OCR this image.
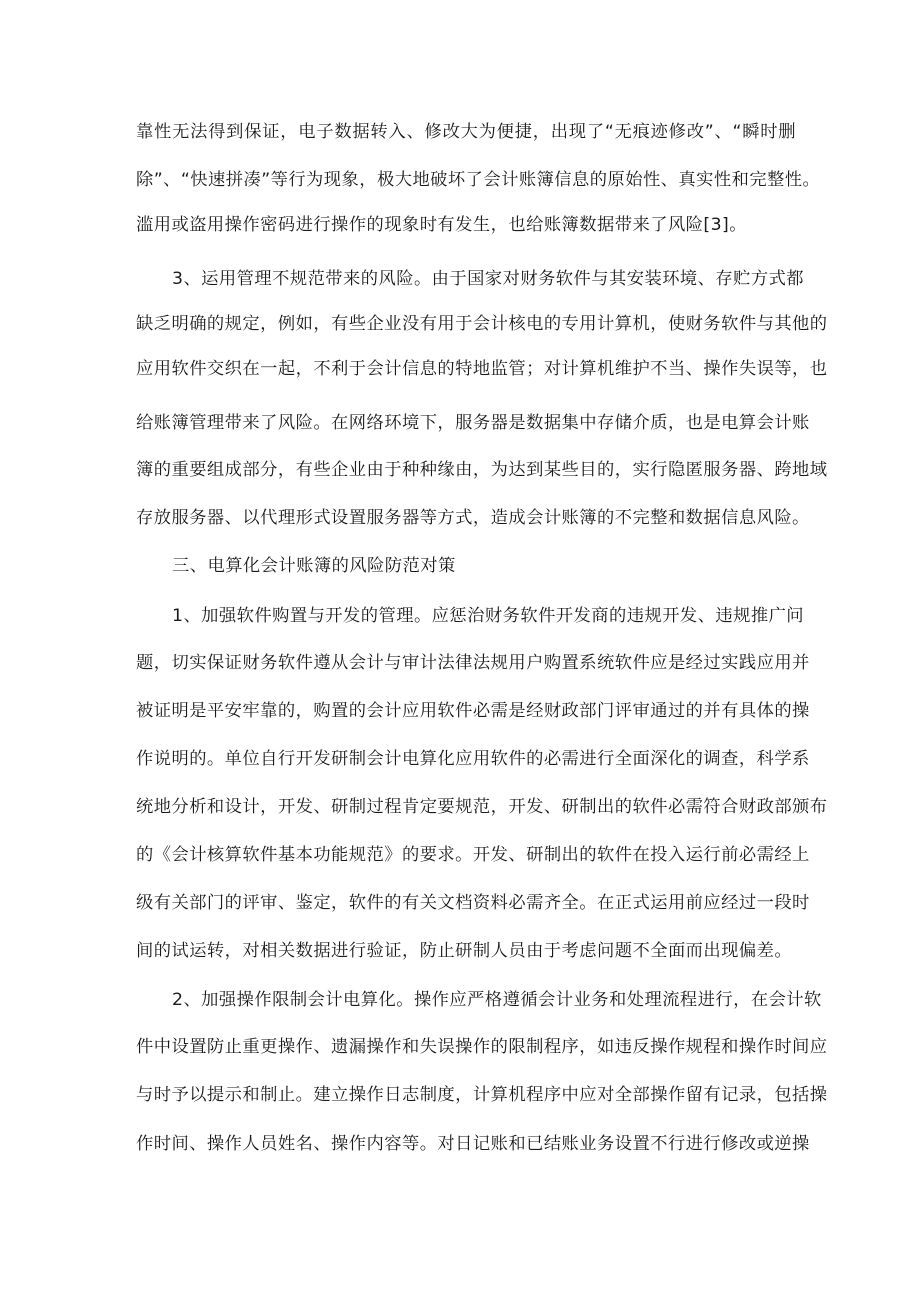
靠性无法得到保证，电子数据转入、修改大为便捷，出现了“无痕迹修改”、“瞬时删
除”、“快速拼凑”等行为现象，极大地破坏了会计账簿信息的原始性、真实性和完整性。
滥用或盗用操作密码进行操作的现象时有发生，也给账簿数据带来了风险[3]。
3、运用管理不规范带来的风险。由于国家对财务软件与其安装环境、存贮方式都
缺乏明确的规定，例如，有些企业没有用于会计核电的专用计算机，使财务软件与其他的
应用软件交织在一起，不利于会计信息的特地监管；对计算机维护不当、操作失误等，也
给账簿管理带来了风险。在网络环境下，服务器是数据集中存储介质，也是电算会计账
簿的重要组成部分，有些企业由于种种缘由，为达到某些目的，实行隐匿服务器、跨地域
存放服务器、以代理形式设置服务器等方式，造成会计账簿的不完整和数据信息风险。
三、电算化会计账簿的风险防范对策
1、加强软件购置与开发的管理。应惩治财务软件开发商的违规开发、违规推广问
题，切实保证财务软件遵从会计与审计法律法规用户购置系统软件应是经过实践应用并
被证明是平安牢靠的，购置的会计应用软件必需是经财政部门评审通过的并有具体的操
作说明的。单位自行开发研制会计电算化应用软件的必需进行全面深化的调查，科学系
统地分析和设计，开发、研制过程肯定要规范，开发、研制出的软件必需符合财政部颁布
的《会计核算软件基本功能规范》的要求。开发、研制出的软件在投入运行前必需经上
级有关部门的评审、鉴定，软件的有关文档资料必需齐全。在正式运用前应经过一段时
间的试运转，对相关数据进行验证，防止研制人员由于考虑问题不全面而出现偏差。
2、加强操作限制会计电算化。操作应严格遵循会计业务和处理流程进行，在会计软
件中设置防止重更操作、遗漏操作和失误操作的限制程序，如违反操作规程和操作时间应
与时予以提示和制止。建立操作日志制度，计算机程序中应对全部操作留有记录，包括操
作时间、操作人员姓名、操作内容等。对日记账和已结账业务设置不行进行修改或逆操
